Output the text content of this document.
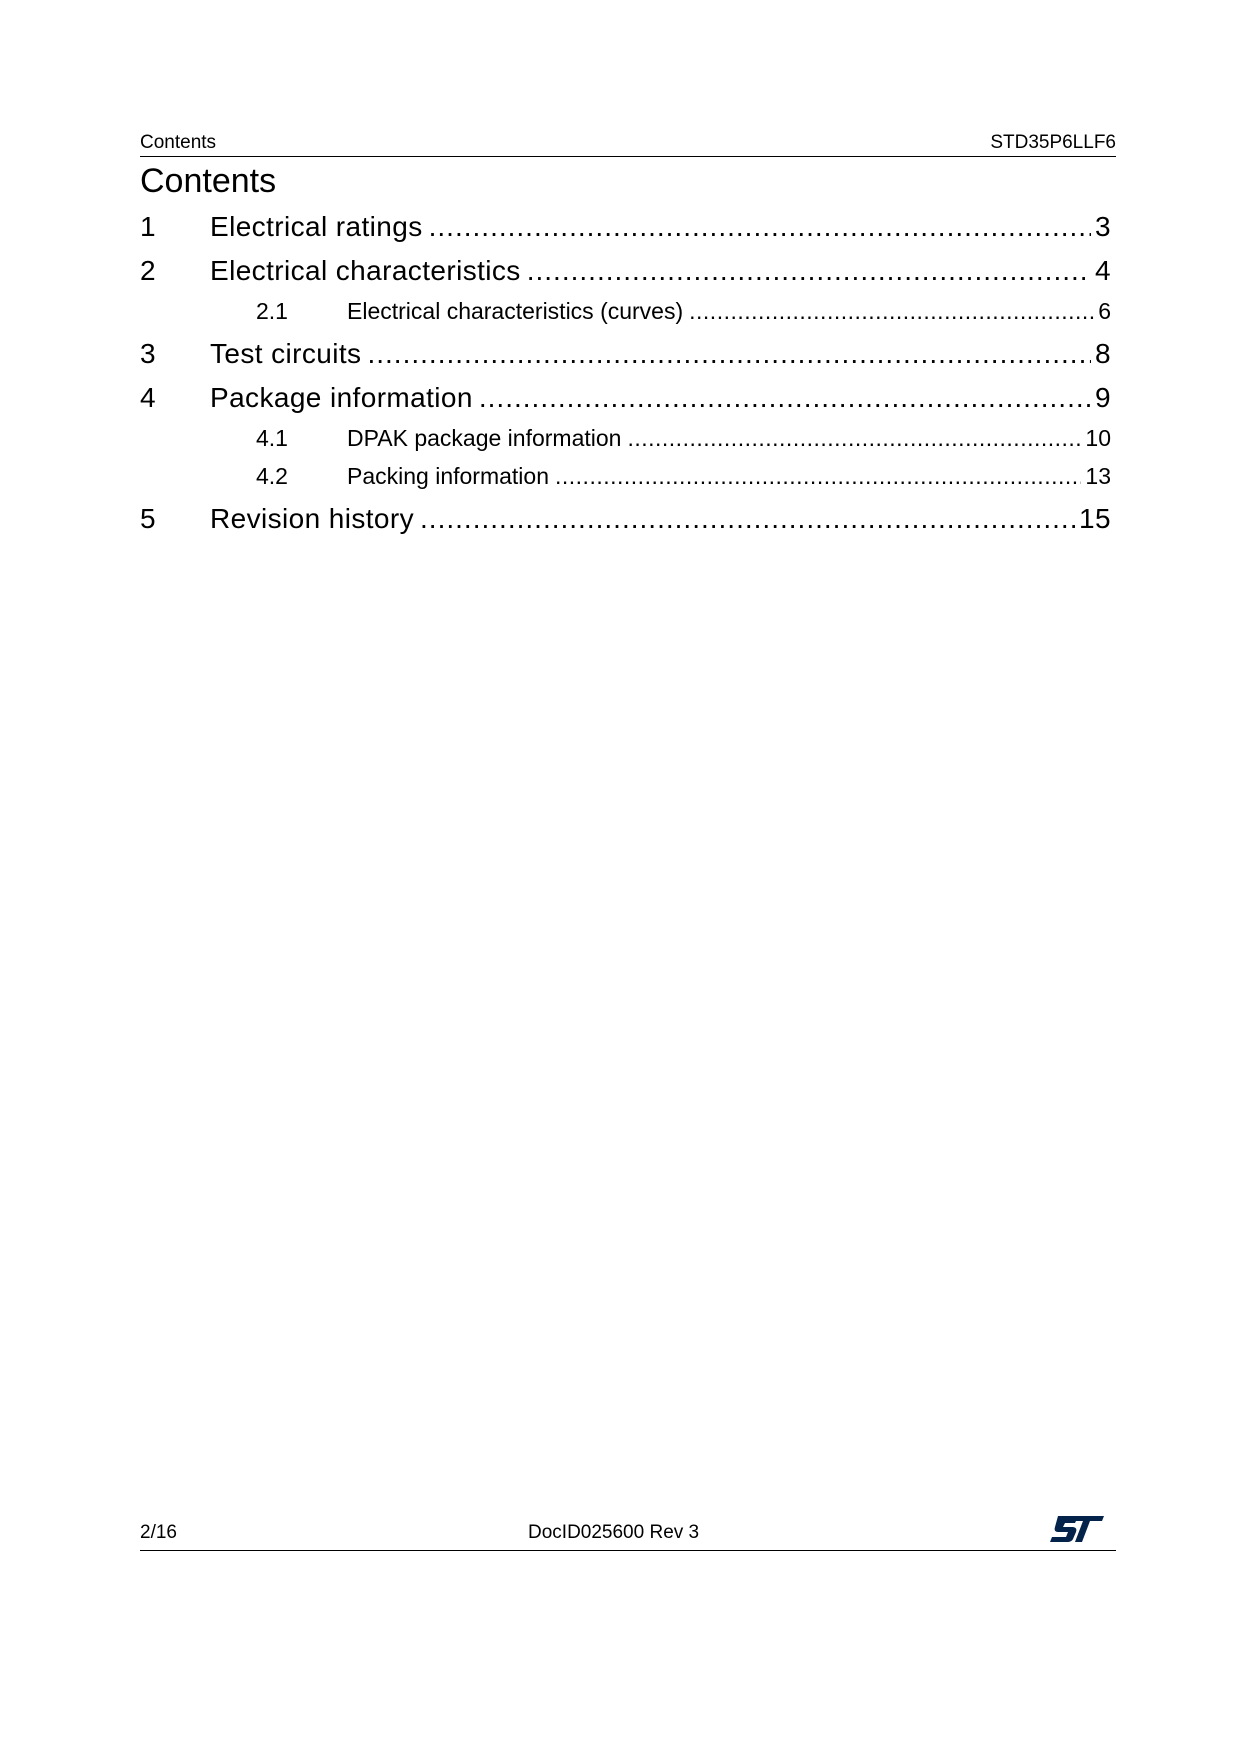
Contents	STD35P6LLF6
Contents
1	Electrical ratings .....	3
2	Electrical characteristics .....	4
2.1	Electrical characteristics (curves) .....	6
3	Test circuits .....	8
4	Package information .....	9
4.1	DPAK package information .....	10
4.2	Packing information .....	13
5	Revision history .....	15
2/16	DocID025600 Rev 3
